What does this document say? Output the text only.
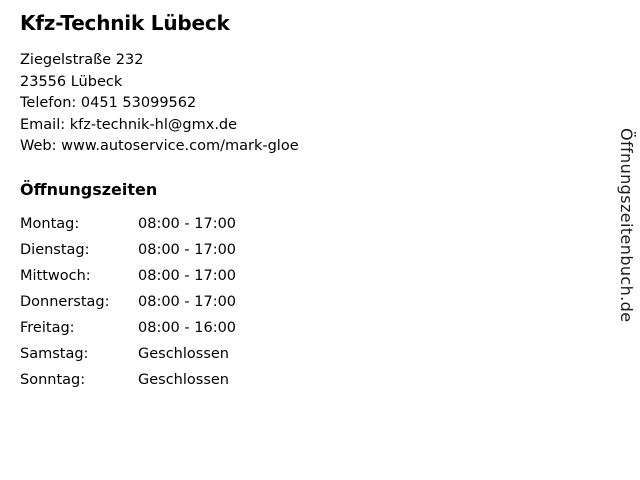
Kfz-Technik Lübeck
Ziegelstraße 232
23556 Lübeck
Telefon: 0451 53099562
Email: kfz-technik-hl@gmx.de
Web: www.autoservice.com/mark-gloe
Öffnungszeiten
Montag:	08:00 - 17:00
Dienstag:	08:00 - 17:00
Mittwoch:	08:00 - 17:00
Donnerstag:	08:00 - 17:00
Freitag:	08:00 - 16:00
Samstag:	Geschlossen
Sonntag:	Geschlossen
Öffnungszeitenbuch.de
